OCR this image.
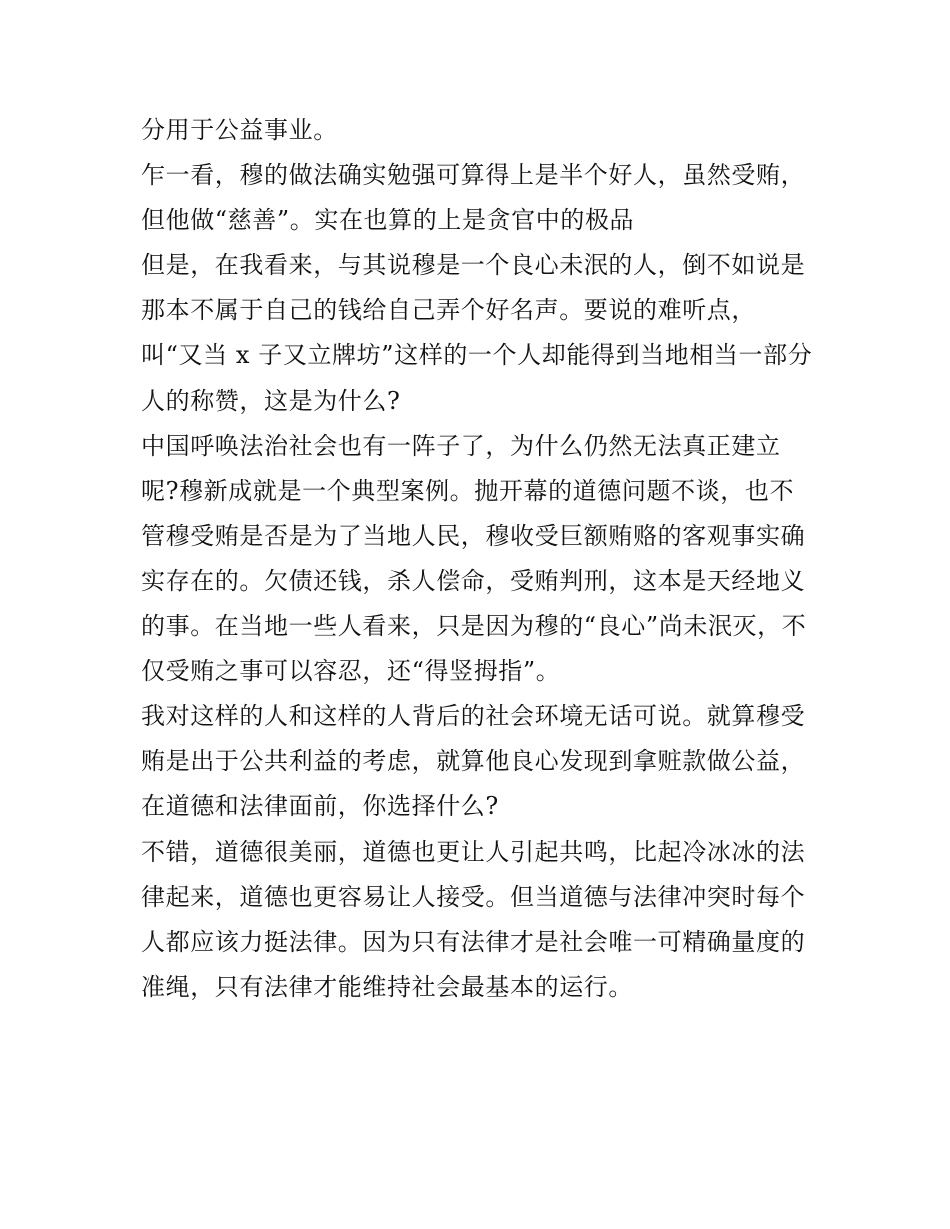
分用于公益事业。
乍一看，穆的做法确实勉强可算得上是半个好人，虽然受贿，
但他做“慈善”。实在也算的上是贪官中的极品
但是，在我看来，与其说穆是一个良心未泯的人，倒不如说是
那本不属于自己的钱给自己弄个好名声。要说的难听点，
叫“又当 x 子又立牌坊”这样的一个人却能得到当地相当一部分
人的称赞，这是为什么?
中国呼唤法治社会也有一阵子了，为什么仍然无法真正建立
呢?穆新成就是一个典型案例。抛开幕的道德问题不谈，也不
管穆受贿是否是为了当地人民，穆收受巨额贿赂的客观事实确
实存在的。欠债还钱，杀人偿命，受贿判刑，这本是天经地义
的事。在当地一些人看来，只是因为穆的“良心”尚未泯灭，不
仅受贿之事可以容忍，还“得竖拇指”。
我对这样的人和这样的人背后的社会环境无话可说。就算穆受
贿是出于公共利益的考虑，就算他良心发现到拿赃款做公益，
在道德和法律面前，你选择什么?
不错，道德很美丽，道德也更让人引起共鸣，比起冷冰冰的法
律起来，道德也更容易让人接受。但当道德与法律冲突时每个
人都应该力挺法律。因为只有法律才是社会唯一可精确量度的
准绳，只有法律才能维持社会最基本的运行。
